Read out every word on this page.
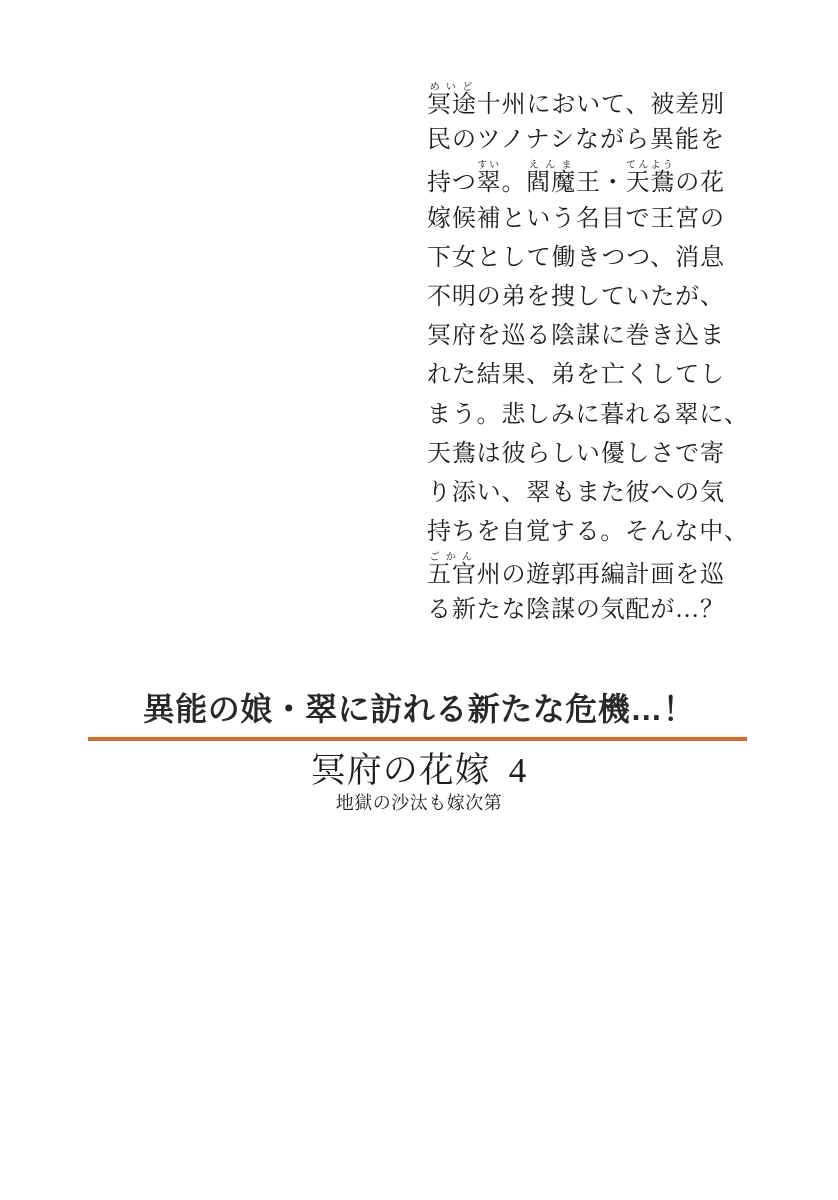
冥途めいど十州において、被差別
民のツノナシながら異能を
持つ翠すい。閻魔えんま王・天鴦てんようの花
嫁候補という名目で王宮の
下女として働きつつ、消息
不明の弟を捜していたが、
冥府を巡る陰謀に巻き込ま
れた結果、弟を亡くしてし
まう。悲しみに暮れる翠に、
天鴦は彼らしい優しさで寄
り添い、翠もまた彼への気
持ちを自覚する。そんな中、
五官ごかん州の遊郭再編計画を巡
る新たな陰謀の気配が…？
異能の娘・翠に訪れる新たな危機…！
冥府の花嫁 4
地獄の沙汰も嫁次第
